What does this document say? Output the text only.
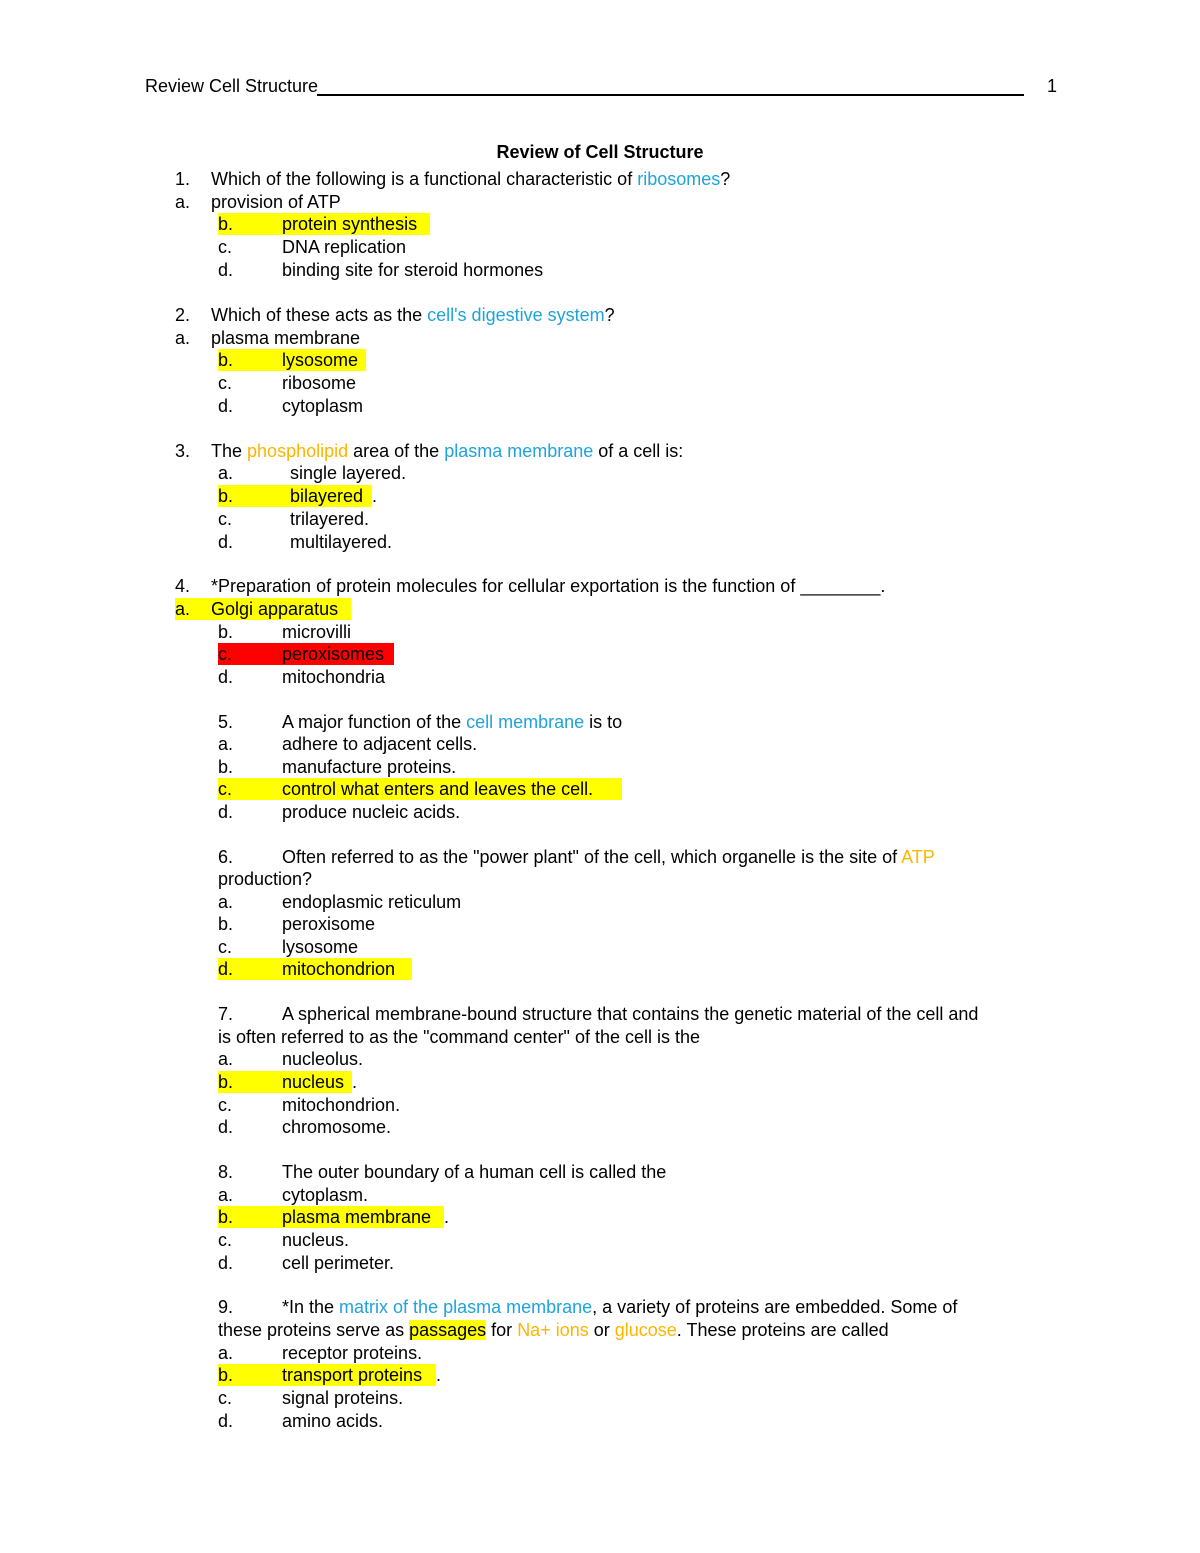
Review Cell Structure	1
Review of Cell Structure
1. Which of the following is a functional characteristic of ribosomes?
a. provision of ATP
b.	protein synthesis
c.	DNA replication
d.	binding site for steroid hormones
2. Which of these acts as the cell's digestive system?
a. plasma membrane
b.	lysosome
c.	ribosome
d.	cytoplasm
3. The phospholipid area of the plasma membrane of a cell is:
a.	single layered.
b.	bilayered .
c.	trilayered.
d.	multilayered.
4. *Preparation of protein molecules for cellular exportation is the function of ________.
a. Golgi apparatus
b.	microvilli
c.	peroxisomes
d.	mitochondria
5.	A major function of the cell membrane is to
a.	adhere to adjacent cells.
b.	manufacture proteins.
c.	control what enters and leaves the cell.
d.	produce nucleic acids.
6.	Often referred to as the "power plant" of the cell, which organelle is the site of ATP
production?
a.	endoplasmic reticulum
b.	peroxisome
c.	lysosome
d.	mitochondrion
7.	A spherical membrane-bound structure that contains the genetic material of the cell and
is often referred to as the "command center" of the cell is the
a.	nucleolus.
b.	nucleus .
c.	mitochondrion.
d.	chromosome.
8.	The outer boundary of a human cell is called the
a.	cytoplasm.
b.	plasma membrane .
c.	nucleus.
d.	cell perimeter.
9.	*In the matrix of the plasma membrane, a variety of proteins are embedded. Some of
these proteins serve as passages for Na+ ions or glucose. These proteins are called
a.	receptor proteins.
b.	transport proteins .
c.	signal proteins.
d.	amino acids.
